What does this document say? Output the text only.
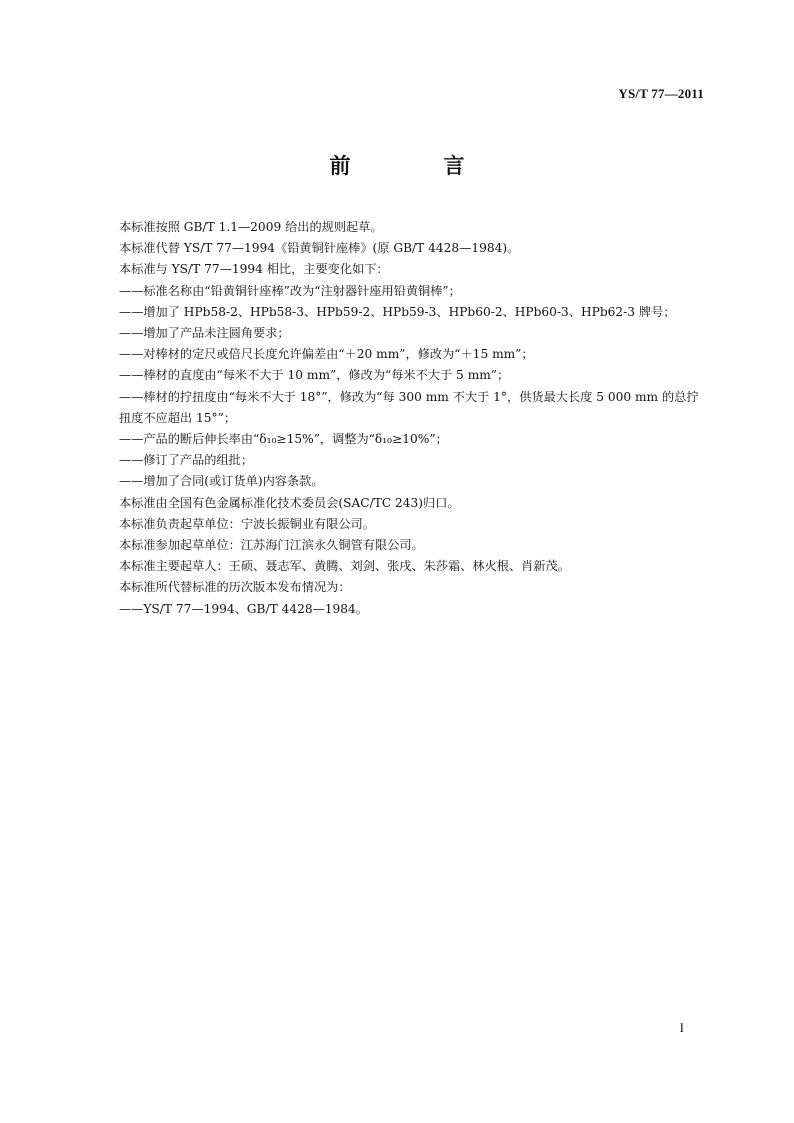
YS/T 77—2011
前　言

本标准按照 GB/T 1.1—2009 给出的规则起草。

本标准代替 YS/T 77—1994《铅黄铜针座棒》(原 GB/T 4428—1984)。

本标准与 YS/T 77—1994 相比，主要变化如下：

——标准名称由“铅黄铜针座棒”改为“注射器针座用铅黄铜棒”；

——增加了 HPb58-2、HPb58-3、HPb59-2、HPb59-3、HPb60-2、HPb60-3、HPb62-3 牌号；

——增加了产品未注圆角要求；

——对棒材的定尺或倍尺长度允许偏差由“＋20 mm”，修改为“＋15 mm”；

——棒材的直度由“每米不大于 10 mm”，修改为“每米不大于 5 mm”；

——棒材的拧扭度由“每米不大于 18°”，修改为“每 300 mm 不大于 1°，供货最大长度 5 000 mm 的总拧扭度不应超出 15°”；

——产品的断后伸长率由“δ₁₀≥15%”，调整为“δ₁₀≥10%”；

——修订了产品的组批；

——增加了合同(或订货单)内容条款。

本标准由全国有色金属标准化技术委员会(SAC/TC 243)归口。

本标准负责起草单位：宁波长振铜业有限公司。

本标准参加起草单位：江苏海门江滨永久铜管有限公司。

本标准主要起草人：王硕、聂志军、黄腾、刘剑、张戌、朱莎霜、林火根、肖新茂。

本标准所代替标准的历次版本发布情况为：

——YS/T 77—1994、GB/T 4428—1984。

I
